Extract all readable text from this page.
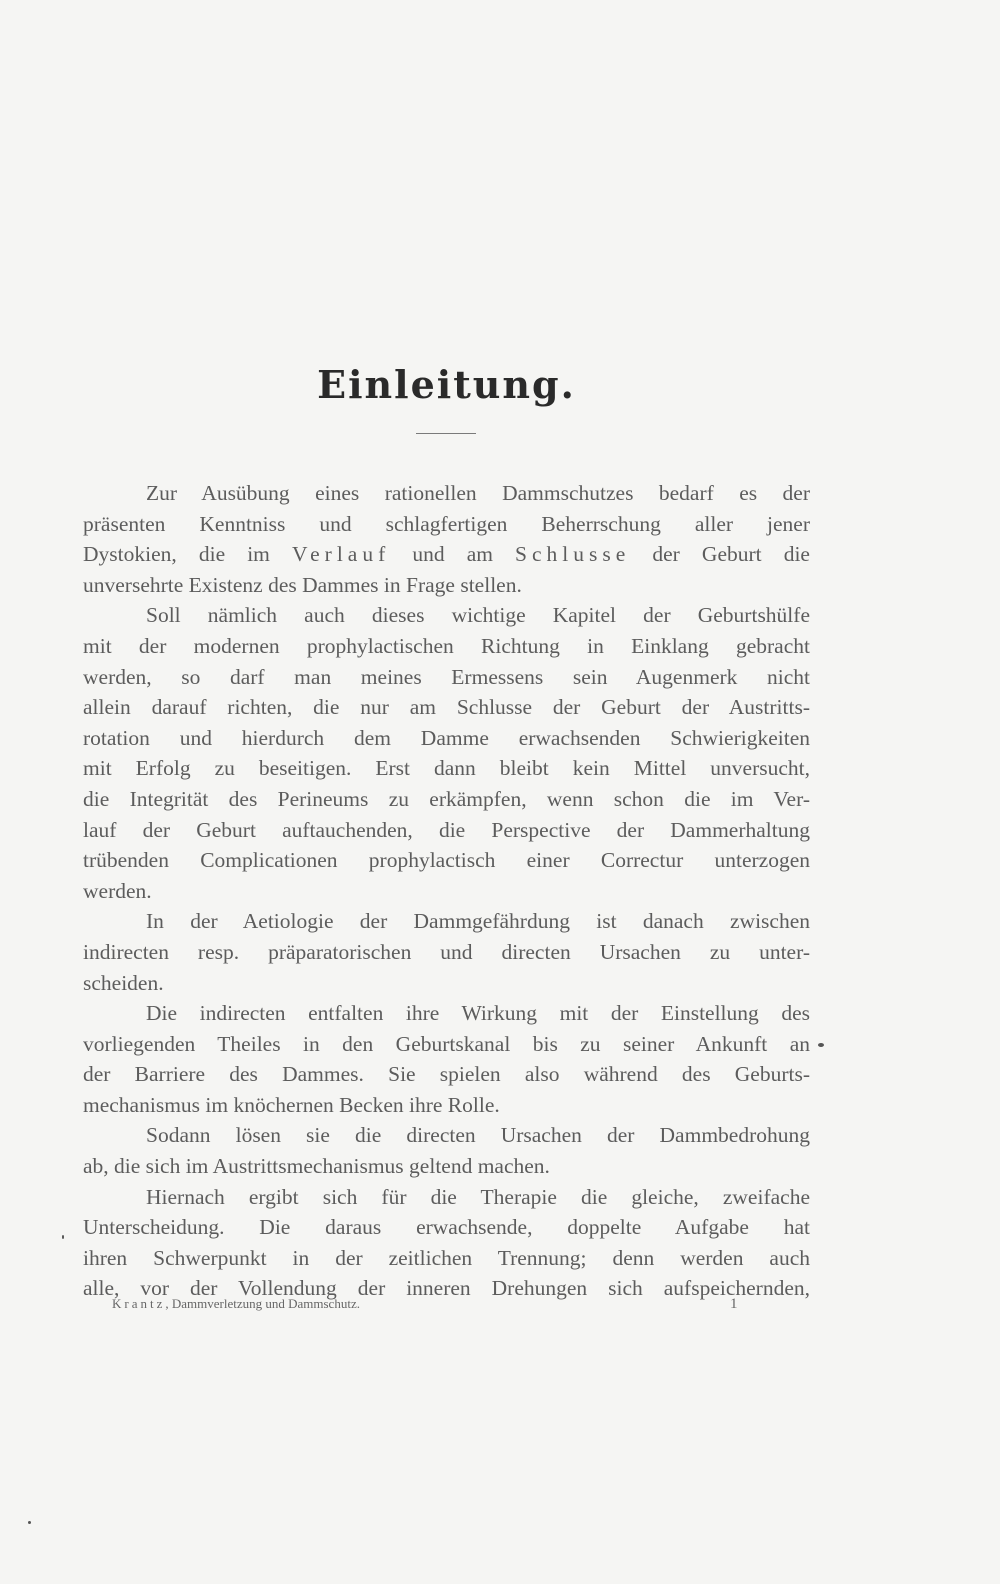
Einleitung.
Zur Ausübung eines rationellen Dammschutzes bedarf es der
präsenten Kenntniss und schlagfertigen Beherrschung aller jener
Dystokien, die im Verlauf und am Schlusse der Geburt die
unversehrte Existenz des Dammes in Frage stellen.
Soll nämlich auch dieses wichtige Kapitel der Geburtshülfe
mit der modernen prophylactischen Richtung in Einklang gebracht
werden, so darf man meines Ermessens sein Augenmerk nicht
allein darauf richten, die nur am Schlusse der Geburt der Austritts-
rotation und hierdurch dem Damme erwachsenden Schwierigkeiten
mit Erfolg zu beseitigen. Erst dann bleibt kein Mittel unversucht,
die Integrität des Perineums zu erkämpfen, wenn schon die im Ver-
lauf der Geburt auftauchenden, die Perspective der Dammerhaltung
trübenden Complicationen prophylactisch einer Correctur unterzogen
werden.
In der Aetiologie der Dammgefährdung ist danach zwischen
indirecten resp. präparatorischen und directen Ursachen zu unter-
scheiden.
Die indirecten entfalten ihre Wirkung mit der Einstellung des
vorliegenden Theiles in den Geburtskanal bis zu seiner Ankunft an
der Barriere des Dammes. Sie spielen also während des Geburts-
mechanismus im knöchernen Becken ihre Rolle.
Sodann lösen sie die directen Ursachen der Dammbedrohung
ab, die sich im Austrittsmechanismus geltend machen.
Hiernach ergibt sich für die Therapie die gleiche, zweifache
Unterscheidung. Die daraus erwachsende, doppelte Aufgabe hat
ihren Schwerpunkt in der zeitlichen Trennung; denn werden auch
alle, vor der Vollendung der inneren Drehungen sich aufspeichernden,
Krantz, Dammverletzung und Dammschutz.	1
